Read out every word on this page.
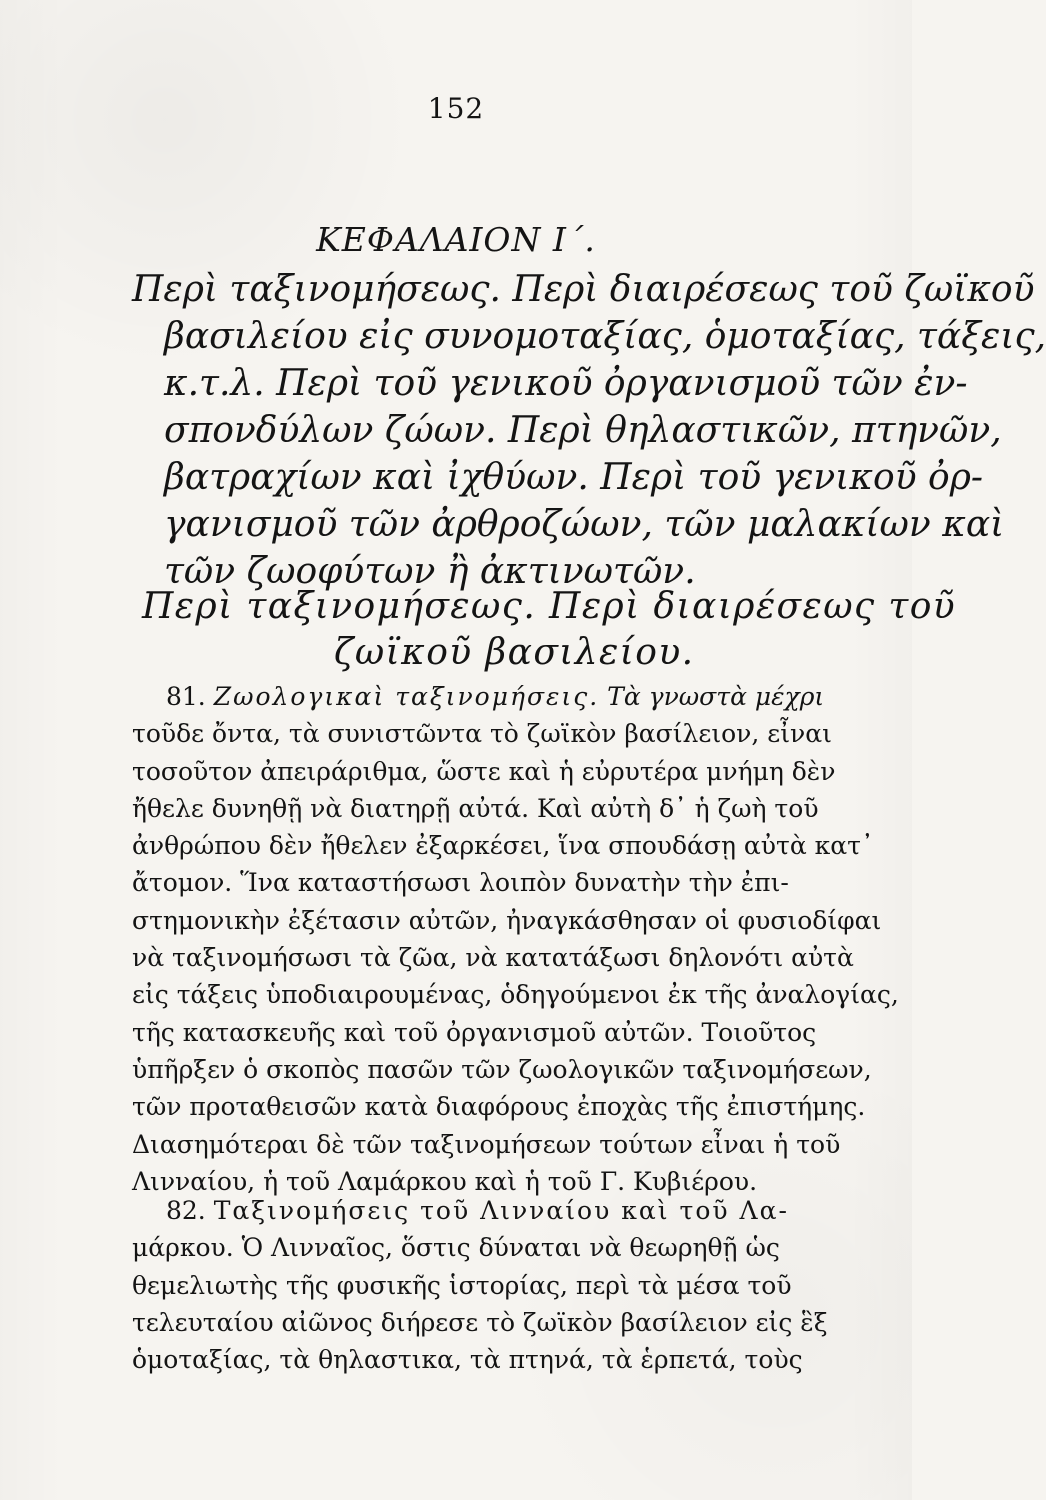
152
ΚΕΦΑΛΑΙΟΝ Ι΄.
Περὶ ταξινομήσεως. Περὶ διαιρέσεως τοῦ ζωϊκοῦ
βασιλείου εἰς συνομοταξίας, ὁμοταξίας, τάξεις,
κ.τ.λ. Περὶ τοῦ γενικοῦ ὀργανισμοῦ τῶν ἐν-
σπονδύλων ζώων. Περὶ θηλαστικῶν, πτηνῶν,
βατραχίων καὶ ἰχθύων. Περὶ τοῦ γενικοῦ ὀρ-
γανισμοῦ τῶν ἀρθροζώων, τῶν μαλακίων καὶ
τῶν ζωοφύτων ἢ ἀκτινωτῶν.
Περὶ ταξινομήσεως. Περὶ διαιρέσεως τοῦ
ζωϊκοῦ βασιλείου.
81. Ζωολογικαὶ ταξινομήσεις. Τὰ γνωστὰ μέχρι
τοῦδε ὄντα, τὰ συνιστῶντα τὸ ζωϊκὸν βασίλειον, εἶναι
τοσοῦτον ἀπειράριθμα, ὥστε καὶ ἡ εὐρυτέρα μνήμη δὲν
ἤθελε δυνηθῇ νὰ διατηρῇ αὐτά. Καὶ αὐτὴ δ᾿ ἡ ζωὴ τοῦ
ἀνθρώπου δὲν ἤθελεν ἐξαρκέσει, ἵνα σπουδάσῃ αὐτὰ κατ᾿
ἄτομον. Ἵνα καταστήσωσι λοιπὸν δυνατὴν τὴν ἐπι-
στημονικὴν ἐξέτασιν αὐτῶν, ἠναγκάσθησαν οἱ φυσιοδίφαι
νὰ ταξινομήσωσι τὰ ζῶα, νὰ κατατάξωσι δηλονότι αὐτὰ
εἰς τάξεις ὑποδιαιρουμένας, ὁδηγούμενοι ἐκ τῆς ἀναλογίας,
τῆς κατασκευῆς καὶ τοῦ ὀργανισμοῦ αὐτῶν. Τοιοῦτος
ὑπῆρξεν ὁ σκοπὸς πασῶν τῶν ζωολογικῶν ταξινομήσεων,
τῶν προταθεισῶν κατὰ διαφόρους ἐποχὰς τῆς ἐπιστήμης.
Διασημότεραι δὲ τῶν ταξινομήσεων τούτων εἶναι ἡ τοῦ
Λινναίου, ἡ τοῦ Λαμάρκου καὶ ἡ τοῦ Γ. Κυβιέρου.
82. Ταξινομήσεις τοῦ Λινναίου καὶ τοῦ Λα-
μάρκου. Ὁ Λινναῖος, ὅστις δύναται νὰ θεωρηθῇ ὡς
θεμελιωτὴς τῆς φυσικῆς ἱστορίας, περὶ τὰ μέσα τοῦ
τελευταίου αἰῶνος διήρεσε τὸ ζωϊκὸν βασίλειον εἰς ἓξ
ὁμοταξίας, τὰ θηλαστικα, τὰ πτηνά, τὰ ἑρπετά, τοὺς
